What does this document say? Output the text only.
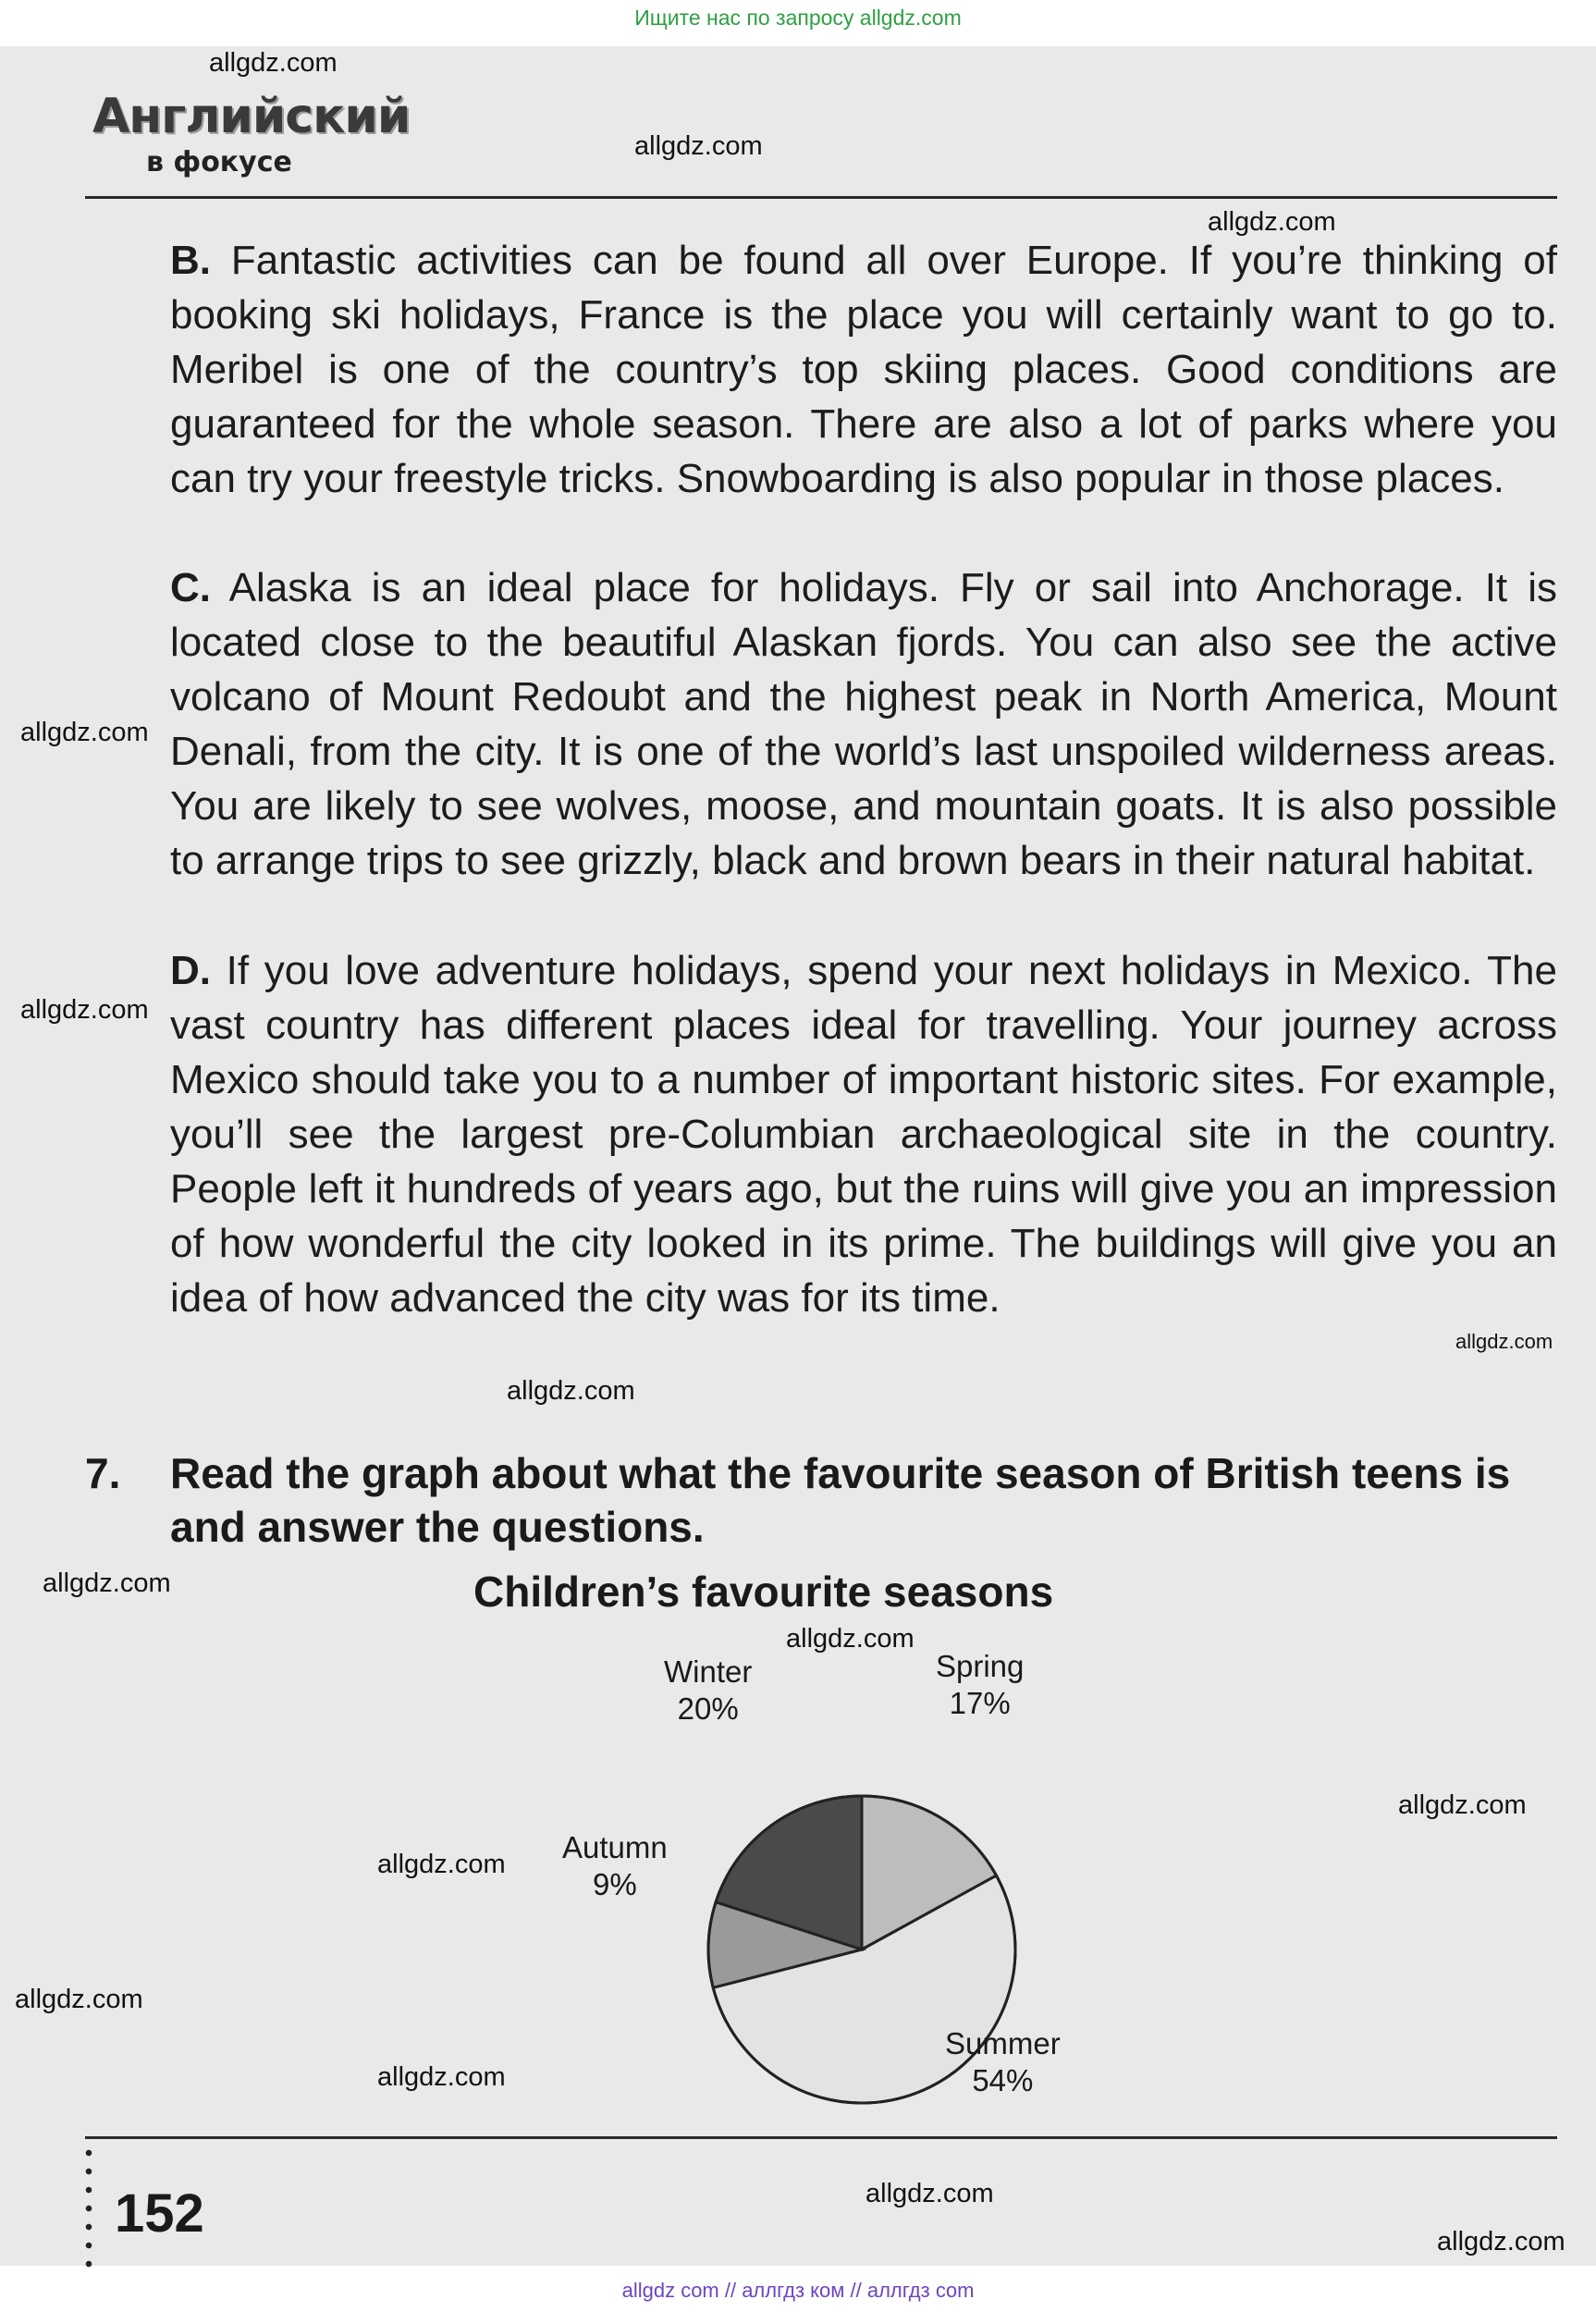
Ищите нас по запросу allgdz.com
Английский
в фокусе
B. Fantastic activities can be found all over Europe. If you’re thinking of booking ski holidays, France is the place you will certainly want to go to. Meribel is one of the country’s top skiing places. Good conditions are guaranteed for the whole season. There are also a lot of parks where you can try your freestyle tricks. Snowboarding is also popular in those places.
C. Alaska is an ideal place for holidays. Fly or sail into Anchorage. It is located close to the beautiful Alaskan fjords. You can also see the active volcano of Mount Redoubt and the highest peak in North America, Mount Denali, from the city. It is one of the world’s last unspoiled wilderness areas. You are likely to see wolves, moose, and mountain goats. It is also possible to arrange trips to see grizzly, black and brown bears in their natural habitat.
D. If you love adventure holidays, spend your next holidays in Mexico. The vast country has different places ideal for travelling. Your journey across Mexico should take you to a number of important historic sites. For example, you’ll see the largest pre-Columbian archaeological site in the country. People left it hundreds of years ago, but the ruins will give you an impression of how wonderful the city looked in its prime. The buildings will give you an idea of how advanced the city was for its time.
7. Read the graph about what the favourite season of British teens is and answer the questions.
Children’s favourite seasons
Spring
17%
Summer
54%
Autumn
9%
Winter
20%
152
allgdz com // аллгдз ком // аллгдз com
allgdz.com
allgdz.com
allgdz.com
allgdz.com
allgdz.com
allgdz.com
allgdz.com
allgdz.com
allgdz.com
allgdz.com
allgdz.com
allgdz.com
allgdz.com
allgdz.com
allgdz.com
